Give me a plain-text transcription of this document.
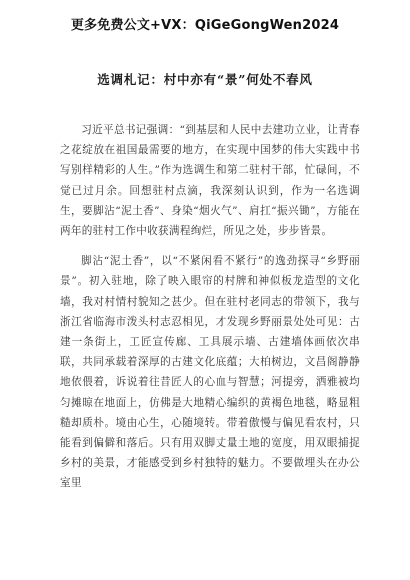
更多免费公文+VX：QiGeGongWen2024
选调札记：村中亦有“景”何处不春风

习近平总书记强调：“到基层和人民中去建功立业，让青春之花绽放在祖国最需要的地方，在实现中国梦的伟大实践中书写别样精彩的人生。”作为选调生和第二驻村干部，忙碌间，不觉已过月余。回想驻村点滴，我深刻认识到，作为一名选调生，要脚沾“泥土香”、身染“烟火气”、肩扛“振兴锄”，方能在两年的驻村工作中收获满程绚烂，所见之处，步步皆景。

脚沾“泥土香”，以“不紧闲看不紧行”的逸劲探寻“乡野丽景”。初入驻地，除了映入眼帘的村牌和神似板龙造型的文化墙，我对村情村貌知之甚少。但在驻村老同志的带领下，我与浙江省临海市泼头村志忍相见，才发现乡野丽景处处可见：古建一条街上，工匠宣传廊、工具展示墙、古建墙体画依次串联，共同承载着深厚的古建文化底蕴；大柏树边，文昌阁静静地依偎着，诉说着往昔匠人的心血与智慧；河提旁，洒雅被均匀摊晾在地面上，仿佛是大地精心编织的黄褐色地毯，略显粗糙却质朴。境由心生，心随境转。带着傲慢与偏见看农村，只能看到偏僻和落后。只有用双脚丈量土地的宽度，用双眼捕捉乡村的美景，才能感受到乡村独特的魅力。不要做埋头在办公室里
